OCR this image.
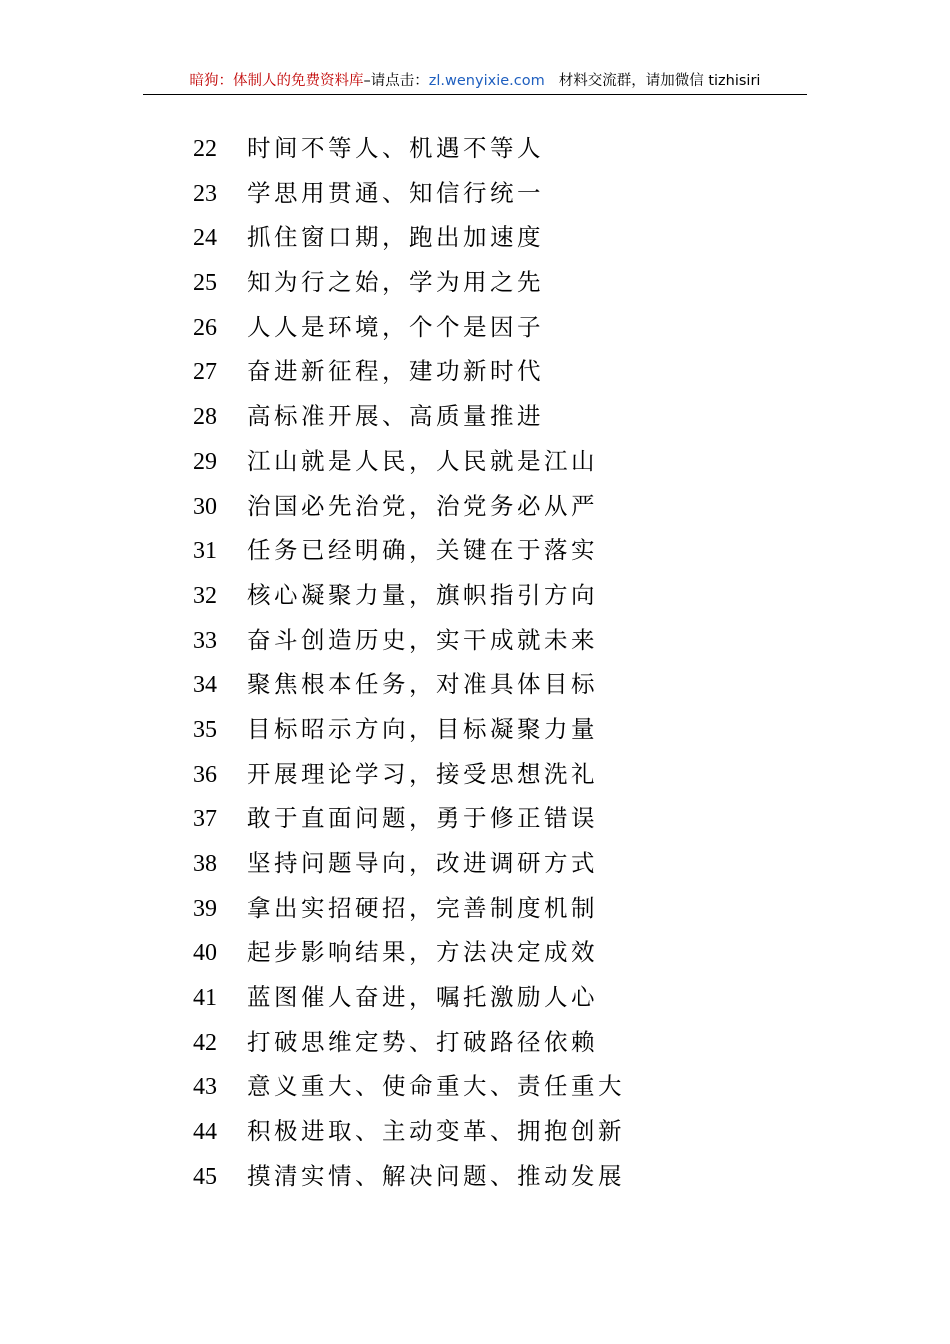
暗狗：体制人的免费资料库–请点击：zl.wenyixie.com 材料交流群，请加微信 tizhisiri
22 时间不等人、机遇不等人
23 学思用贯通、知信行统一
24 抓住窗口期，跑出加速度
25 知为行之始，学为用之先
26 人人是环境，个个是因子
27 奋进新征程，建功新时代
28 高标准开展、高质量推进
29 江山就是人民，人民就是江山
30 治国必先治党，治党务必从严
31 任务已经明确，关键在于落实
32 核心凝聚力量，旗帜指引方向
33 奋斗创造历史，实干成就未来
34 聚焦根本任务，对准具体目标
35 目标昭示方向，目标凝聚力量
36 开展理论学习，接受思想洗礼
37 敢于直面问题，勇于修正错误
38 坚持问题导向，改进调研方式
39 拿出实招硬招，完善制度机制
40 起步影响结果，方法决定成效
41 蓝图催人奋进，嘱托激励人心
42 打破思维定势、打破路径依赖
43 意义重大、使命重大、责任重大
44 积极进取、主动变革、拥抱创新
45 摸清实情、解决问题、推动发展
